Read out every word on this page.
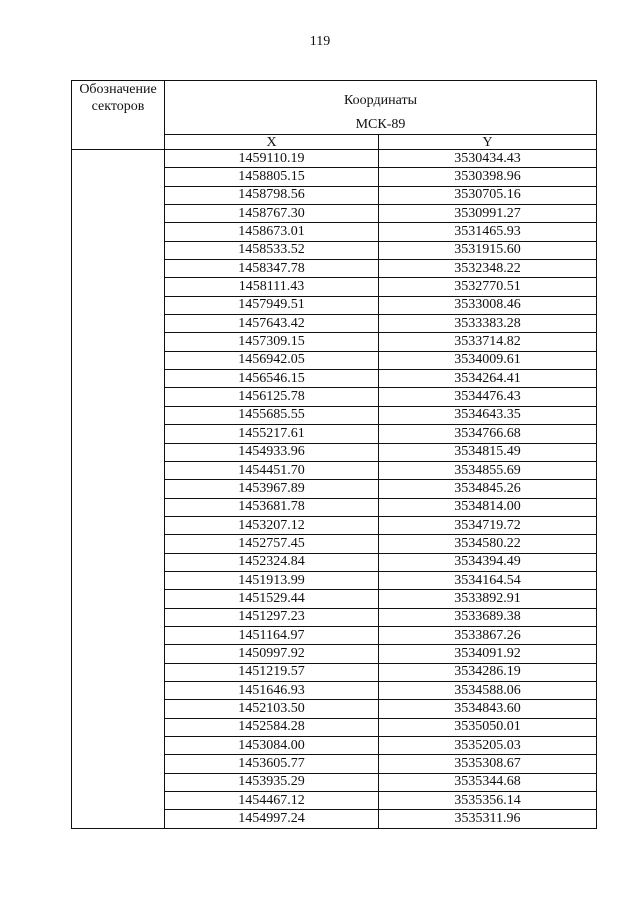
119
Обозначение секторов	Координаты
МСК-89	

	X	Y
	1459110.19	3530434.43
	1458805.15	3530398.96
	1458798.56	3530705.16
	1458767.30	3530991.27
	1458673.01	3531465.93
	1458533.52	3531915.60
	1458347.78	3532348.22
	1458111.43	3532770.51
	1457949.51	3533008.46
	1457643.42	3533383.28
	1457309.15	3533714.82
	1456942.05	3534009.61
	1456546.15	3534264.41
	1456125.78	3534476.43
	1455685.55	3534643.35
	1455217.61	3534766.68
	1454933.96	3534815.49
	1454451.70	3534855.69
	1453967.89	3534845.26
	1453681.78	3534814.00
	1453207.12	3534719.72
	1452757.45	3534580.22
	1452324.84	3534394.49
	1451913.99	3534164.54
	1451529.44	3533892.91
	1451297.23	3533689.38
	1451164.97	3533867.26
	1450997.92	3534091.92
	1451219.57	3534286.19
	1451646.93	3534588.06
	1452103.50	3534843.60
	1452584.28	3535050.01
	1453084.00	3535205.03
	1453605.77	3535308.67
	1453935.29	3535344.68
	1454467.12	3535356.14
	1454997.24	3535311.96
